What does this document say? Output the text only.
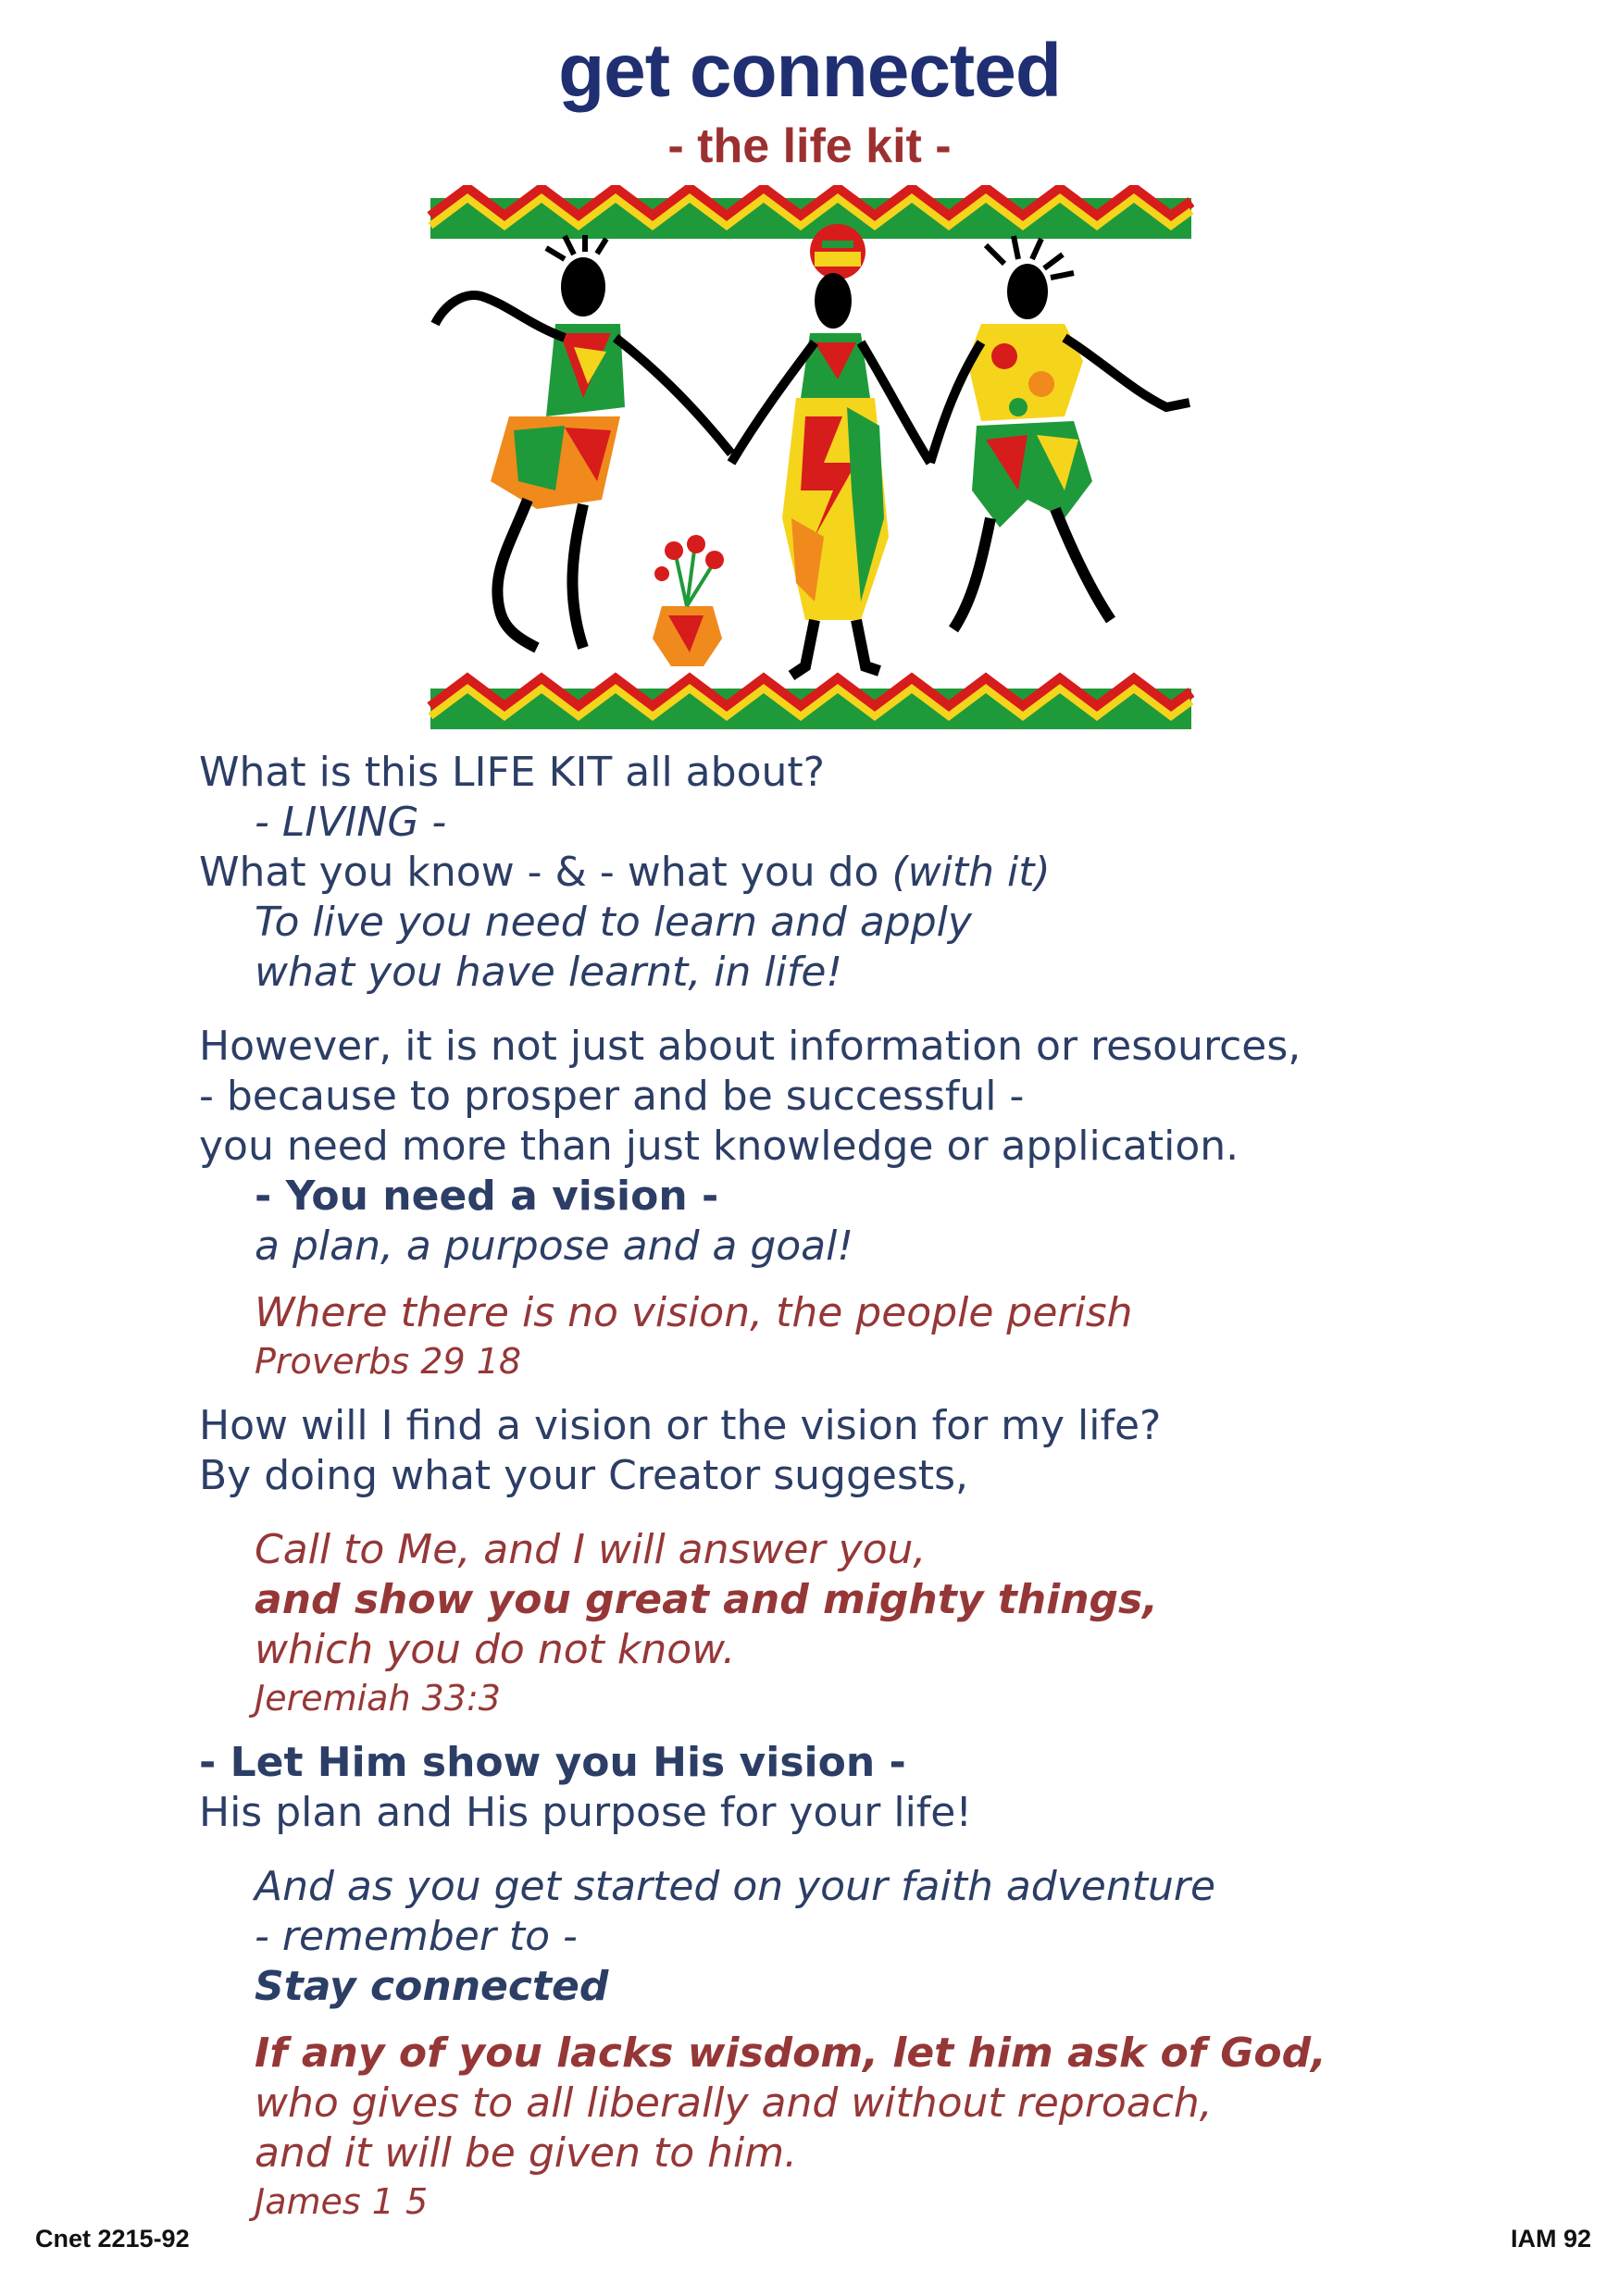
get connected
- the life kit -
What is this LIFE KIT all about?
- LIVING -
What you know - & - what you do (with it)
To live you need to learn and apply
what you have learnt, in life!
However, it is not just about information or resources,
- because to prosper and be successful -
you need more than just knowledge or application.
- You need a vision -
a plan, a purpose and a goal!
Where there is no vision, the people perish
Proverbs 29 18
How will I find a vision or the vision for my life?
By doing what your Creator suggests,
Call to Me, and I will answer you,
and show you great and mighty things,
which you do not know.
Jeremiah 33:3
- Let Him show you His vision -
His plan and His purpose for your life!
And as you get started on your faith adventure
- remember to -
Stay connected
If any of you lacks wisdom, let him ask of God,
who gives to all liberally and without reproach,
and it will be given to him.
James 1 5
Cnet 2215-92	IAM 92
